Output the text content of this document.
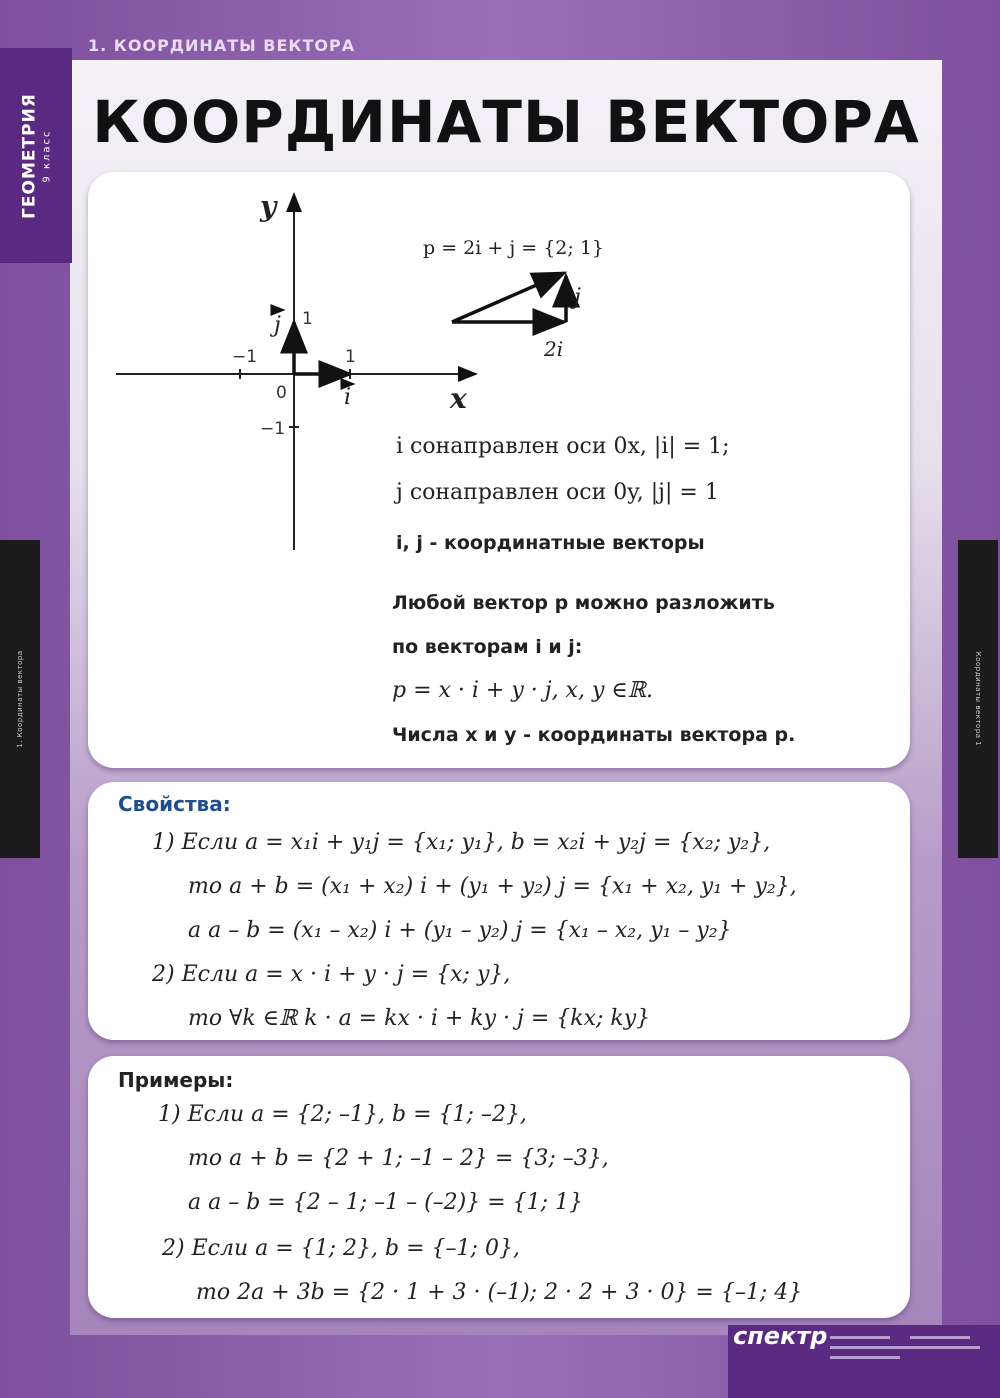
1. КООРДИНАТЫ ВЕКТОРА
ГЕОМЕТРИЯ 9 класс
1. Координаты вектора	Координаты вектора 1
КООРДИНАТЫ ВЕКТОРА
y
x
0
−1	1
1
−1
i
j
p = 2i + j = {2; 1}
j
2i
i сонаправлен оси 0x, |i| = 1;
j сонаправлен оси 0y, |j| = 1
i, j - координатные векторы
Любой вектор p можно разложить
по векторам i и j:
p = x · i + y · j, x, y ∈ℝ.
Числа x и y - координаты вектора p.
Свойства:
1) Если a = x₁i + y₁j = {x₁; y₁}, b = x₂i + y₂j = {x₂; y₂},
то a + b = (x₁ + x₂) i + (y₁ + y₂) j = {x₁ + x₂, y₁ + y₂},
а a – b = (x₁ – x₂) i + (y₁ – y₂) j = {x₁ – x₂, y₁ – y₂}
2) Если a = x · i + y · j = {x; y},
то ∀k ∈ℝ k · a = kx · i + ky · j = {kx; ky}
Примеры:
1) Если a = {2; –1}, b = {1; –2},
то a + b = {2 + 1; –1 – 2} = {3; –3},
а a – b = {2 – 1; –1 – (–2)} = {1; 1}
2) Если a = {1; 2}, b = {–1; 0},
то 2a + 3b = {2 · 1 + 3 · (–1); 2 · 2 + 3 · 0} = {–1; 4}
спектр
